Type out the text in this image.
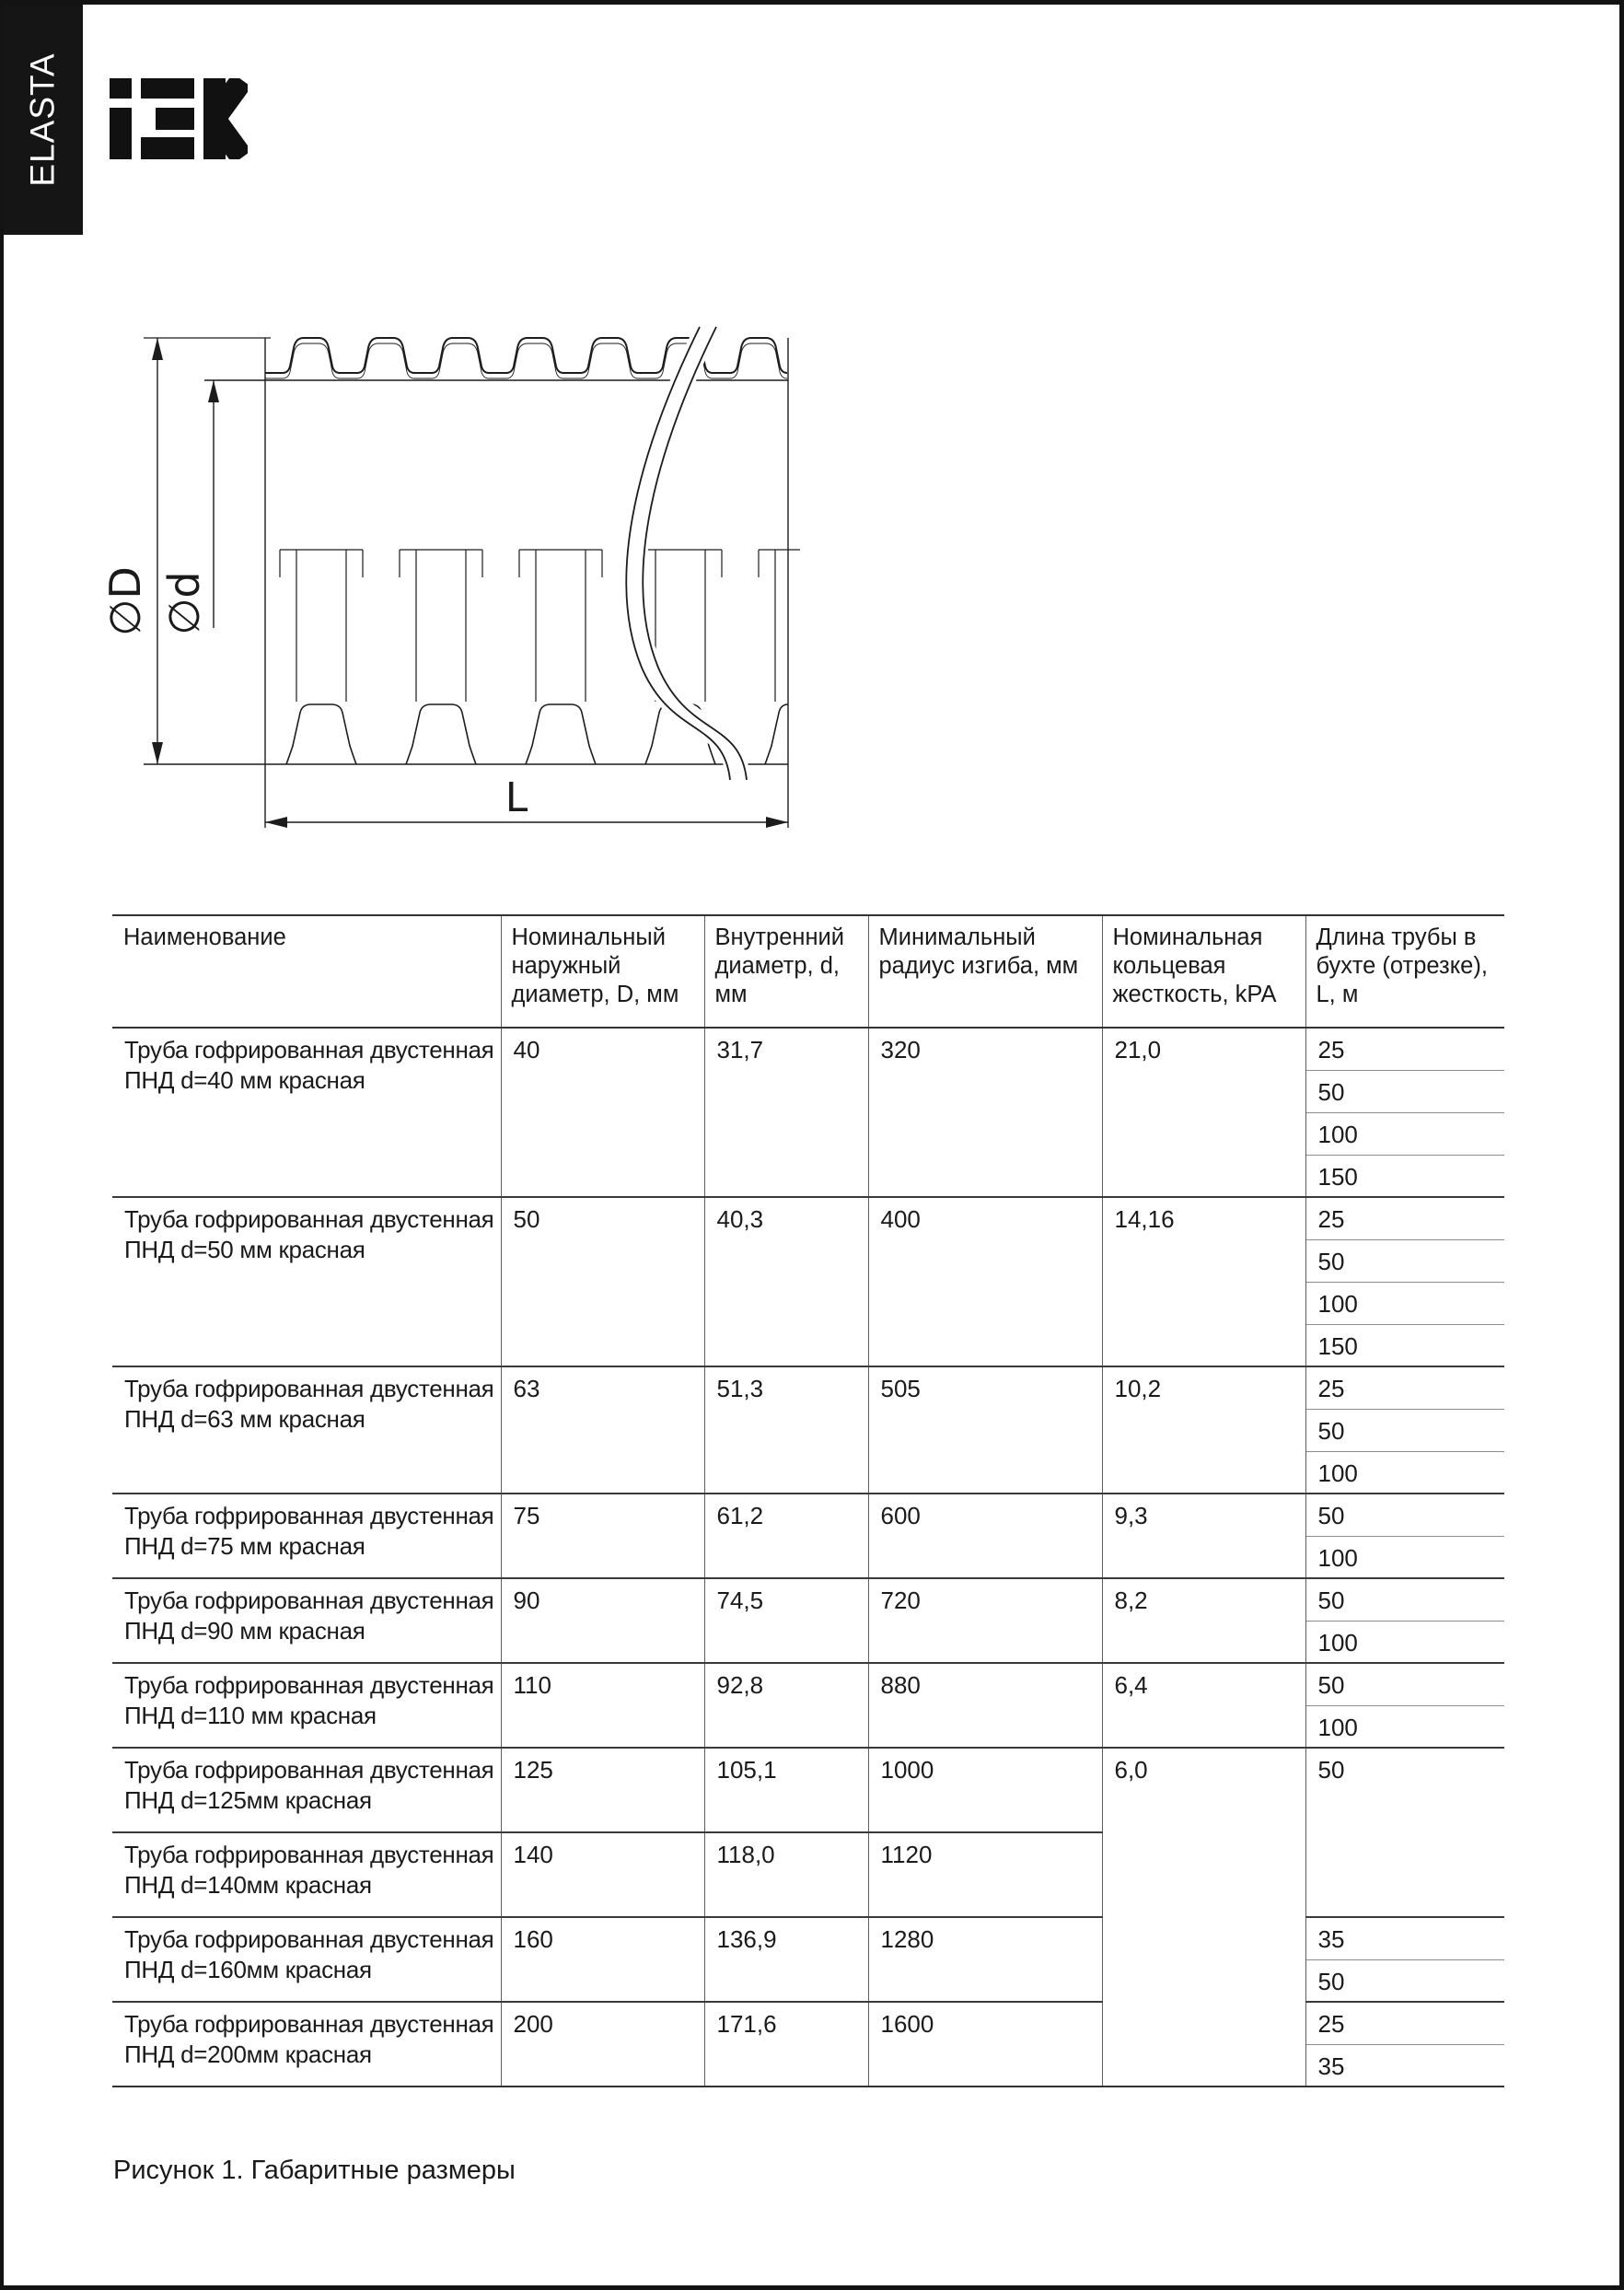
ELASTA
∅D ∅d
L
Наименование	Номинальный наружный диаметр, D, мм	Внутренний диаметр, d, мм	Минимальный радиус изгиба, мм	Номинальная кольцевая жесткость, kPA	Длина трубы в бухте (отрезке), L, м

Труба гофрированная двустенная
ПНД d=40 мм красная	40	31,7	320	21,0	25
					50
					100
					150

Труба гофрированная двустенная
ПНД d=50 мм красная	50	40,3	400	14,16	25
					50
					100
					150

Труба гофрированная двустенная
ПНД d=63 мм красная	63	51,3	505	10,2	25
					50
					100

Труба гофрированная двустенная
ПНД d=75 мм красная	75	61,2	600	9,3	50
					100

Труба гофрированная двустенная
ПНД d=90 мм красная	90	74,5	720	8,2	50
					100

Труба гофрированная двустенная
ПНД d=110 мм красная	110	92,8	880	6,4	50
					100

Труба гофрированная двустенная
ПНД d=125мм красная	125	105,1	1000	6,0	50

Труба гофрированная двустенная
ПНД d=140мм красная	140	118,0	1120		

Труба гофрированная двустенная
ПНД d=160мм красная	160	136,9	1280		35
					50

Труба гофрированная двустенная
ПНД d=200мм красная	200	171,6	1600		25
					35
Рисунок 1. Габаритные размеры
